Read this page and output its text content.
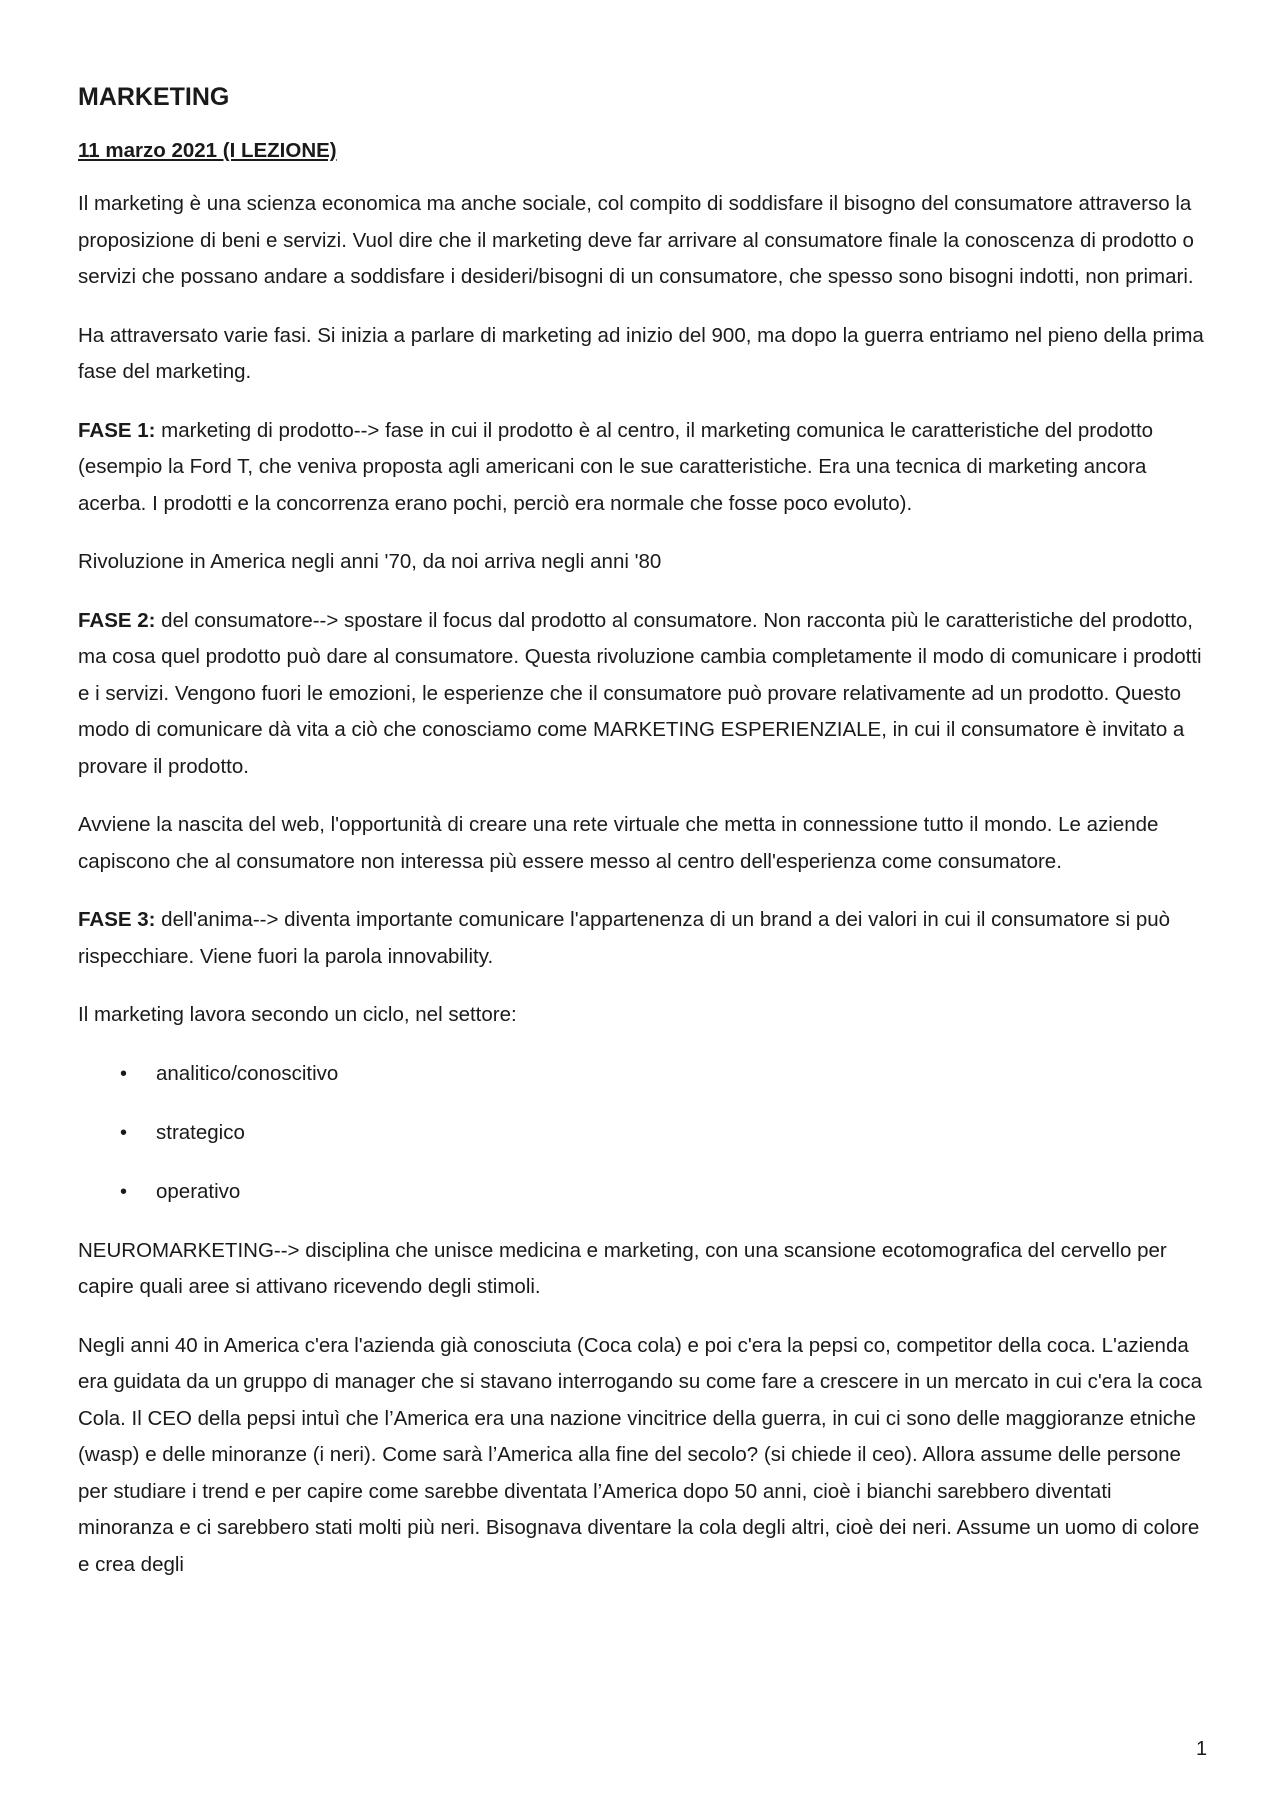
MARKETING
11 marzo 2021 (I LEZIONE)

Il marketing è una scienza economica ma anche sociale, col compito di soddisfare il bisogno del consumatore attraverso la proposizione di beni e servizi. Vuol dire che il marketing deve far arrivare al consumatore finale la conoscenza di prodotto o servizi che possano andare a soddisfare i desideri/bisogni di un consumatore, che spesso sono bisogni indotti, non primari.

Ha attraversato varie fasi. Si inizia a parlare di marketing ad inizio del 900, ma dopo la guerra entriamo nel pieno della prima fase del marketing.

FASE 1: marketing di prodotto--> fase in cui il prodotto è al centro, il marketing comunica le caratteristiche del prodotto (esempio la Ford T, che veniva proposta agli americani con le sue caratteristiche. Era una tecnica di marketing ancora acerba. I prodotti e la concorrenza erano pochi, perciò era normale che fosse poco evoluto).

Rivoluzione in America negli anni '70, da noi arriva negli anni '80

FASE 2: del consumatore--> spostare il focus dal prodotto al consumatore. Non racconta più le caratteristiche del prodotto, ma cosa quel prodotto può dare al consumatore. Questa rivoluzione cambia completamente il modo di comunicare i prodotti e i servizi. Vengono fuori le emozioni, le esperienze che il consumatore può provare relativamente ad un prodotto. Questo modo di comunicare dà vita a ciò che conosciamo come MARKETING ESPERIENZIALE, in cui il consumatore è invitato a provare il prodotto.

Avviene la nascita del web, l'opportunità di creare una rete virtuale che metta in connessione tutto il mondo. Le aziende capiscono che al consumatore non interessa più essere messo al centro dell'esperienza come consumatore.

FASE 3: dell'anima--> diventa importante comunicare l'appartenenza di un brand a dei valori in cui il consumatore si può rispecchiare. Viene fuori la parola innovability.

Il marketing lavora secondo un ciclo, nel settore:

• analitico/conoscitivo
• strategico
• operativo

NEUROMARKETING--> disciplina che unisce medicina e marketing, con una scansione ecotomografica del cervello per capire quali aree si attivano ricevendo degli stimoli.

Negli anni 40 in America c'era l'azienda già conosciuta (Coca cola) e poi c'era la pepsi co, competitor della coca. L'azienda era guidata da un gruppo di manager che si stavano interrogando su come fare a crescere in un mercato in cui c'era la coca Cola. Il CEO della pepsi intuì che l’America era una nazione vincitrice della guerra, in cui ci sono delle maggioranze etniche (wasp) e delle minoranze (i neri). Come sarà l’America alla fine del secolo? (si chiede il ceo). Allora assume delle persone per studiare i trend e per capire come sarebbe diventata l’America dopo 50 anni, cioè i bianchi sarebbero diventati minoranza e ci sarebbero stati molti più neri. Bisognava diventare la cola degli altri, cioè dei neri. Assume un uomo di colore e crea degli

1
